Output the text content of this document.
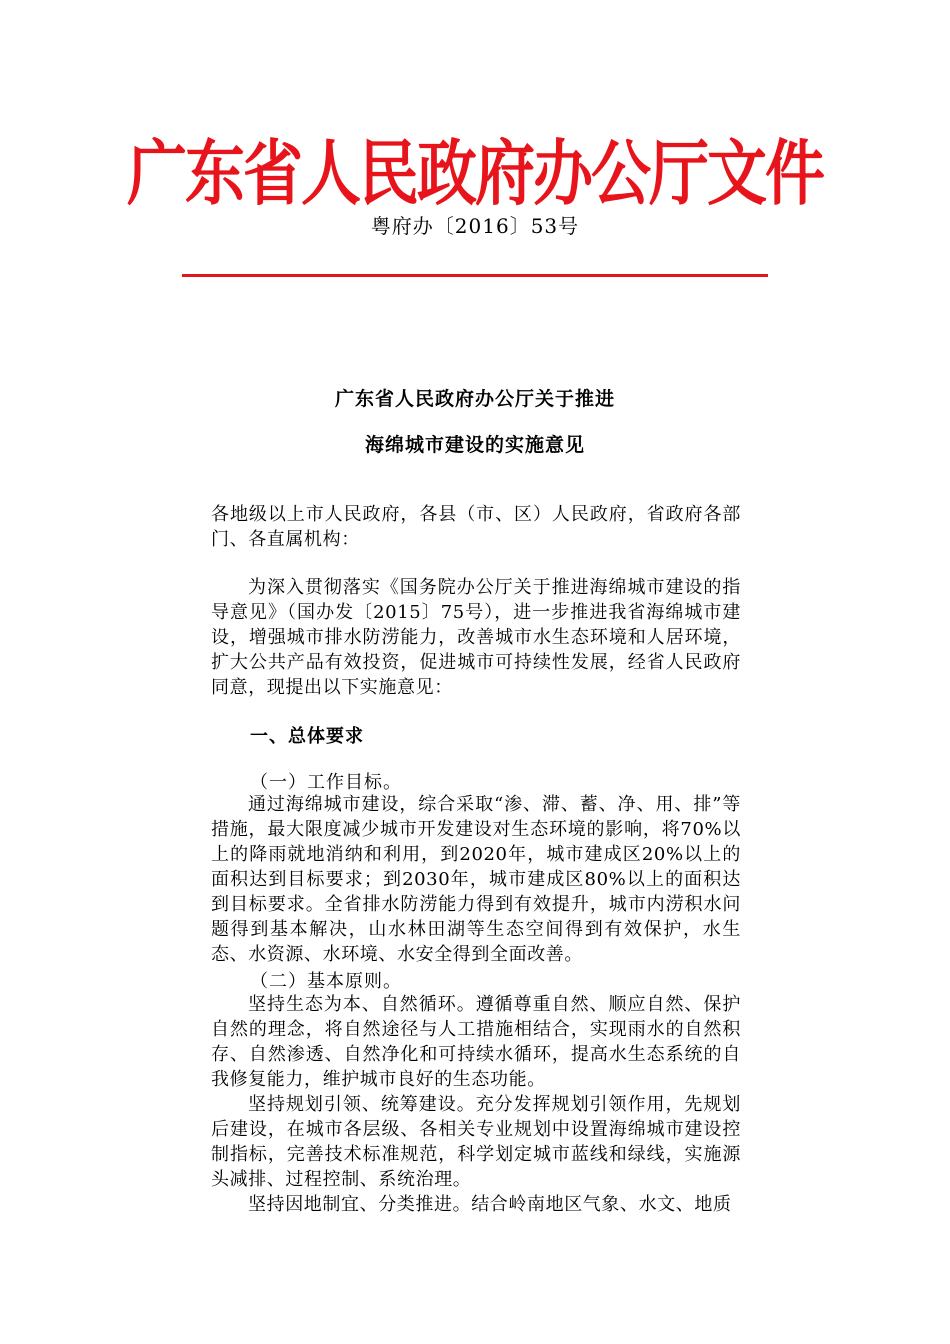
广东省人民政府办公厅文件
粤府办〔2016〕53号
广东省人民政府办公厅关于推进
海绵城市建设的实施意见
各地级以上市人民政府，各县（市、区）人民政府，省政府各部门、各直属机构：
为深入贯彻落实《国务院办公厅关于推进海绵城市建设的指导意见》（国办发〔2015〕75号），进一步推进我省海绵城市建设，增强城市排水防涝能力，改善城市水生态环境和人居环境，扩大公共产品有效投资，促进城市可持续性发展，经省人民政府同意，现提出以下实施意见：
一、总体要求
（一）工作目标。
通过海绵城市建设，综合采取“渗、滞、蓄、净、用、排”等措施，最大限度减少城市开发建设对生态环境的影响，将70%以上的降雨就地消纳和利用，到2020年，城市建成区20%以上的面积达到目标要求；到2030年，城市建成区80%以上的面积达到目标要求。全省排水防涝能力得到有效提升，城市内涝积水问题得到基本解决，山水林田湖等生态空间得到有效保护，水生态、水资源、水环境、水安全得到全面改善。
（二）基本原则。
坚持生态为本、自然循环。遵循尊重自然、顺应自然、保护自然的理念，将自然途径与人工措施相结合，实现雨水的自然积存、自然渗透、自然净化和可持续水循环，提高水生态系统的自我修复能力，维护城市良好的生态功能。
坚持规划引领、统筹建设。充分发挥规划引领作用，先规划后建设，在城市各层级、各相关专业规划中设置海绵城市建设控制指标，完善技术标准规范，科学划定城市蓝线和绿线，实施源头减排、过程控制、系统治理。
坚持因地制宜、分类推进。结合岭南地区气象、水文、地质
